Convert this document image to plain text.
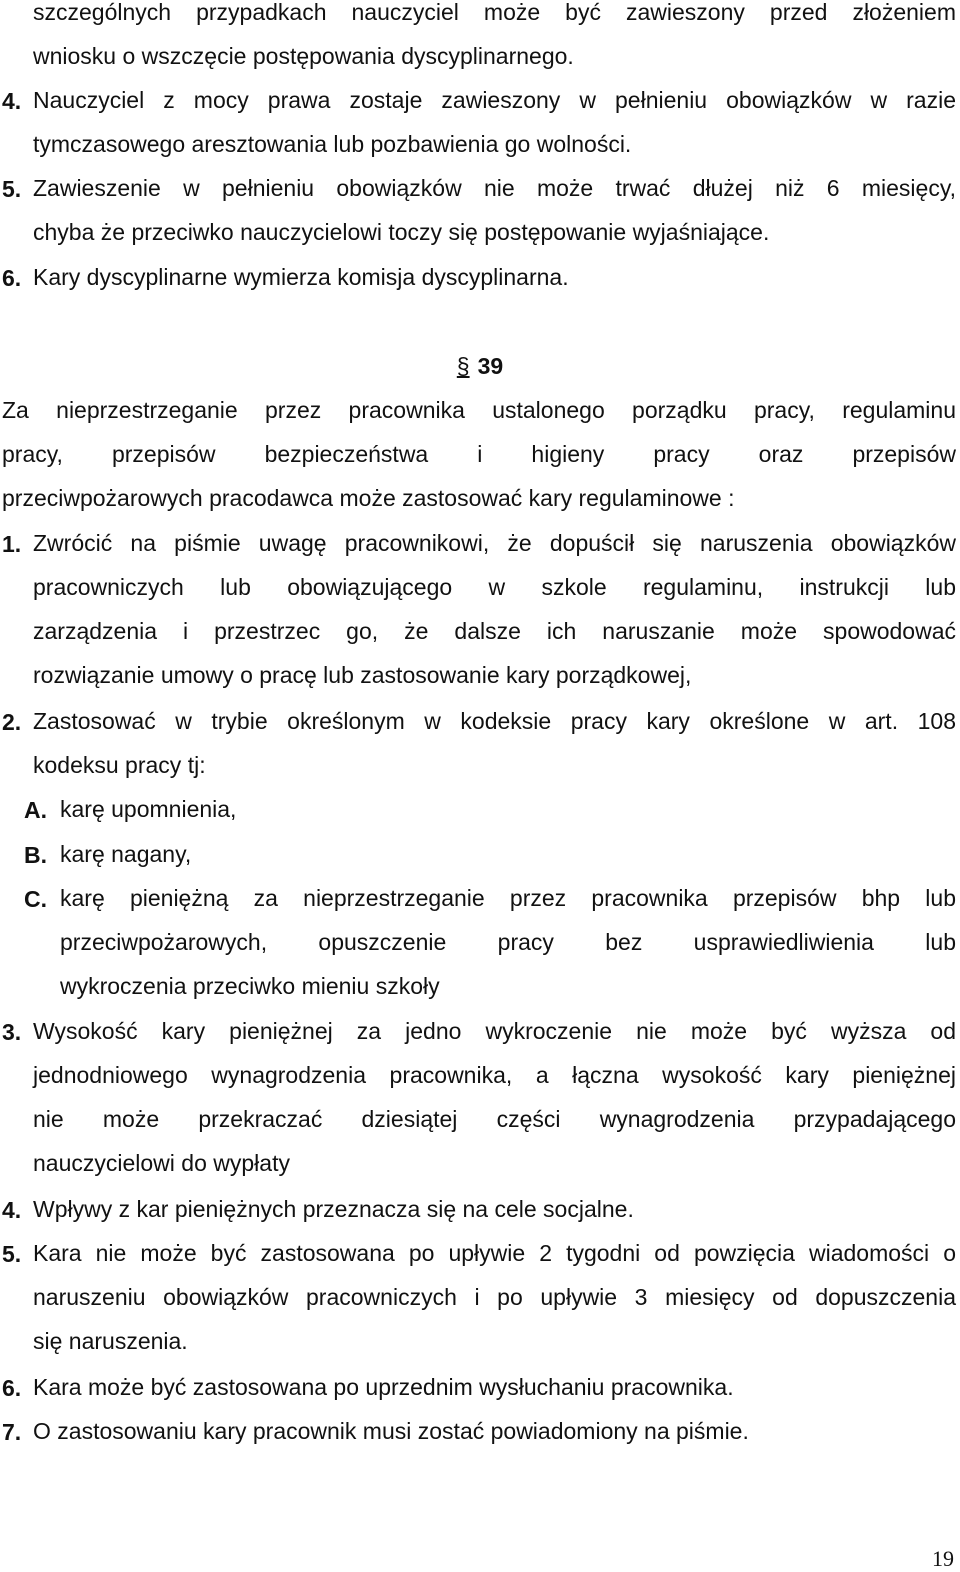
szczególnych przypadkach nauczyciel może być zawieszony przed złożeniem
wniosku o wszczęcie postępowania dyscyplinarnego.
4. Nauczyciel z mocy prawa zostaje zawieszony w pełnieniu obowiązków w razie
tymczasowego aresztowania lub pozbawienia go wolności.
5. Zawieszenie w pełnieniu obowiązków nie może trwać dłużej niż 6 miesięcy,
chyba że przeciwko nauczycielowi toczy się postępowanie wyjaśniające.
6. Kary dyscyplinarne wymierza komisja dyscyplinarna.
§ 39
Za nieprzestrzeganie przez pracownika ustalonego porządku pracy, regulaminu
pracy, przepisów bezpieczeństwa i higieny pracy oraz przepisów
przeciwpożarowych pracodawca może zastosować kary regulaminowe :
1. Zwrócić na piśmie uwagę pracownikowi, że dopuścił się naruszenia obowiązków
pracowniczych lub obowiązującego w szkole regulaminu, instrukcji lub
zarządzenia i przestrzec go, że dalsze ich naruszanie może spowodować
rozwiązanie umowy o pracę lub zastosowanie kary porządkowej,
2. Zastosować w trybie określonym w kodeksie pracy kary określone w art. 108
kodeksu pracy tj:
A. karę upomnienia,
B. karę nagany,
C. karę pieniężną za nieprzestrzeganie przez pracownika przepisów bhp lub
przeciwpożarowych, opuszczenie pracy bez usprawiedliwienia lub
wykroczenia przeciwko mieniu szkoły
3. Wysokość kary pieniężnej za jedno wykroczenie nie może być wyższa od
jednodniowego wynagrodzenia pracownika, a łączna wysokość kary pieniężnej
nie może przekraczać dziesiątej części wynagrodzenia przypadającego
nauczycielowi do wypłaty
4. Wpływy z kar pieniężnych przeznacza się na cele socjalne.
5. Kara nie może być zastosowana po upływie 2 tygodni od powzięcia wiadomości o
naruszeniu obowiązków pracowniczych i po upływie 3 miesięcy od dopuszczenia
się naruszenia.
6. Kara może być zastosowana po uprzednim wysłuchaniu pracownika.
7. O zastosowaniu kary pracownik musi zostać powiadomiony na piśmie.
19
